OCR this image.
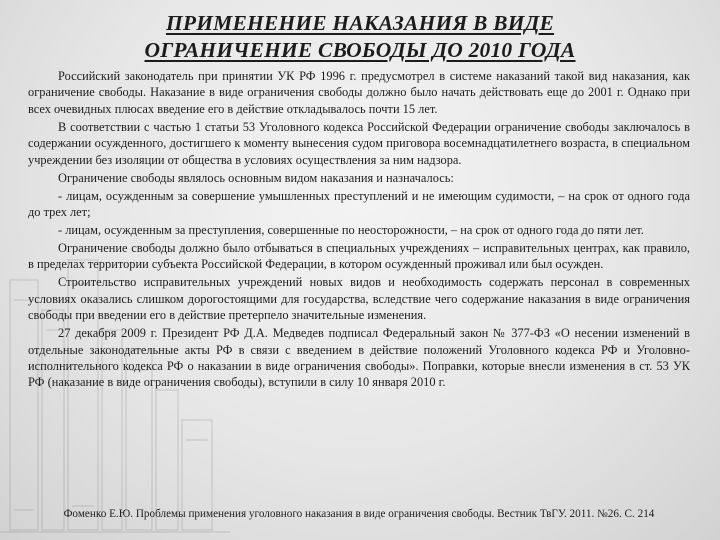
ПРИМЕНЕНИЕ НАКАЗАНИЯ В ВИДЕ
ОГРАНИЧЕНИЕ СВОБОДЫ ДО 2010 ГОДА

Российский законодатель при принятии УК РФ 1996 г. предусмотрел в системе наказаний такой вид наказания, как ограничение свободы. Наказание в виде ограничения свободы должно было начать действовать еще до 2001 г. Однако при всех очевидных плюсах введение его в действие откладывалось почти 15 лет.

В соответствии с частью 1 статьи 53 Уголовного кодекса Российской Федерации ограничение свободы заключалось в содержании осужденного, достигшего к моменту вынесения судом приговора восемнадцатилетнего возраста, в специальном учреждении без изоляции от общества в условиях осуществления за ним надзора.

Ограничение свободы являлось основным видом наказания и назначалось:

- лицам, осужденным за совершение умышленных преступлений и не имеющим судимости, – на срок от одного года до трех лет;

- лицам, осужденным за преступления, совершенные по неосторожности, – на срок от одного года до пяти лет.

Ограничение свободы должно было отбываться в специальных учреждениях – исправительных центрах, как правило, в пределах территории субъекта Российской Федерации, в котором осужденный проживал или был осужден.

Строительство исправительных учреждений новых видов и необходимость содержать персонал в современных условиях оказались слишком дорогостоящими для государства, вследствие чего содержание наказания в виде ограничения свободы при введении его в действие претерпело значительные изменения.

27 декабря 2009 г. Президент РФ Д.А. Медведев подписал Федеральный закон № 377-ФЗ «О несении изменений в отдельные законодательные акты РФ в связи с введением в действие положений Уголовного кодекса РФ и Уголовно-исполнительного кодекса РФ о наказании в виде ограничения свободы». Поправки, которые внесли изменения в ст. 53 УК РФ (наказание в виде ограничения свободы), вступили в силу 10 января 2010 г.

Фоменко Е.Ю. Проблемы применения уголовного наказания в виде ограничения свободы. Вестник ТвГУ. 2011. №26. С. 214
